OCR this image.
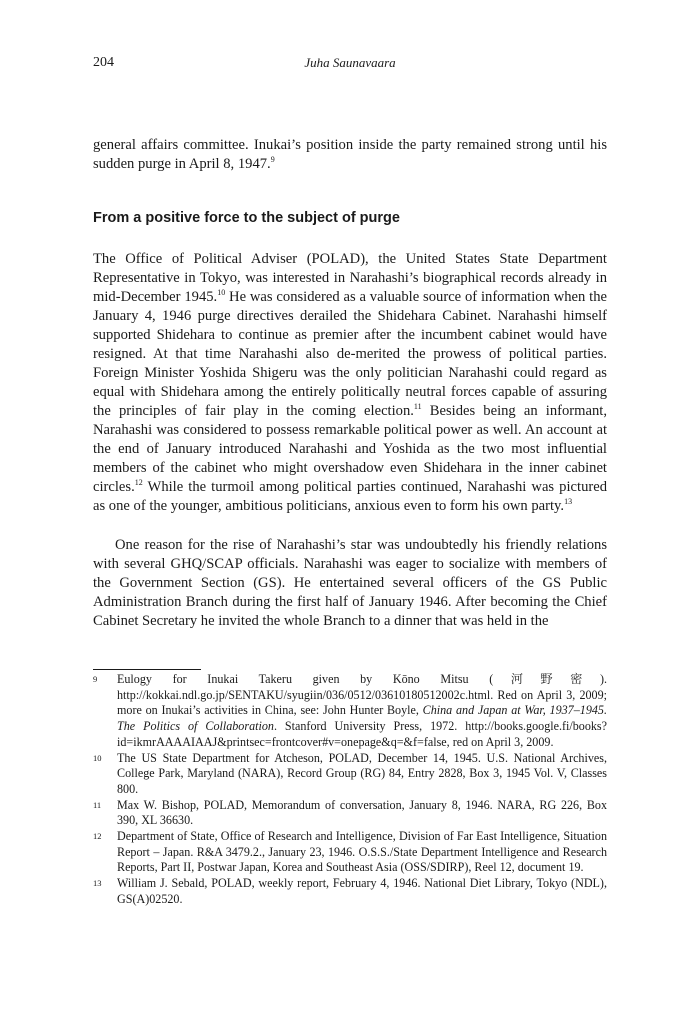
204	Juha Saunavaara

general affairs committee. Inukai’s position inside the party remained strong until his sudden purge in April 8, 1947.$^9$

From a positive force to the subject of purge

The Office of Political Adviser (POLAD), the United States State Department Representative in Tokyo, was interested in Narahashi’s biographical records already in mid-December 1945.10 He was considered as a valuable source of information when the January 4, 1946 purge directives derailed the Shidehara Cabinet. Narahashi himself supported Shidehara to continue as premier after the incumbent cabinet would have resigned. At that time Narahashi also de-merited the prowess of political parties. Foreign Minister Yoshida Shigeru was the only politician Narahashi could regard as equal with Shidehara among the entirely politically neutral forces capable of assuring the principles of fair play in the coming election.$^{11}$ Besides being an informant, Narahashi was considered to possess remarkable political power as well. An account at the end of January introduced Narahashi and Yoshida as the two most influential members of the cabinet who might overshadow even Shidehara in the inner cabinet circles.$^{12}$ While the turmoil among political parties continued, Narahashi was pictured as one of the younger, ambitious politicians, anxious even to form his own party.$^{13}$

One reason for the rise of Narahashi’s star was undoubtedly his friendly relations with several GHQ/SCAP officials. Narahashi was eager to socialize with members of the Government Section (GS). He entertained several officers of the GS Public Administration Branch during the first half of January 1946. After becoming the Chief Cabinet Secretary he invited the whole Branch to a dinner that was held in the

9	Eulogy for Inukai Takeru given by Kōno Mitsu (河野密). http://kokkai.ndl.go.jp/SENTAKU/syugiin/036/0512/03610180512002c.html. Red on April 3, 2009; more on Inukai’s activities in China, see: John Hunter Boyle, China and Japan at War, 1937–1945. The Politics of Collaboration. Stanford University Press, 1972. http://books.google.fi/books?id=ikmrAAAAIAAJ&printsec=frontcover#v=onepage&q=&f=false, red on April 3, 2009.
10	The US State Department for Atcheson, POLAD, December 14, 1945. U.S. National Archives, College Park, Maryland (NARA), Record Group (RG) 84, Entry 2828, Box 3, 1945 Vol. V, Classes 800.
11	Max W. Bishop, POLAD, Memorandum of conversation, January 8, 1946. NARA, RG 226, Box 390, XL 36630.
12	Department of State, Office of Research and Intelligence, Division of Far East Intelligence, Situation Report – Japan. R&A 3479.2., January 23, 1946. O.S.S./State Department Intelligence and Research Reports, Part II, Postwar Japan, Korea and Southeast Asia (OSS/SDIRP), Reel 12, document 19.
13	William J. Sebald, POLAD, weekly report, February 4, 1946. National Diet Library, Tokyo (NDL), GS(A)02520.
